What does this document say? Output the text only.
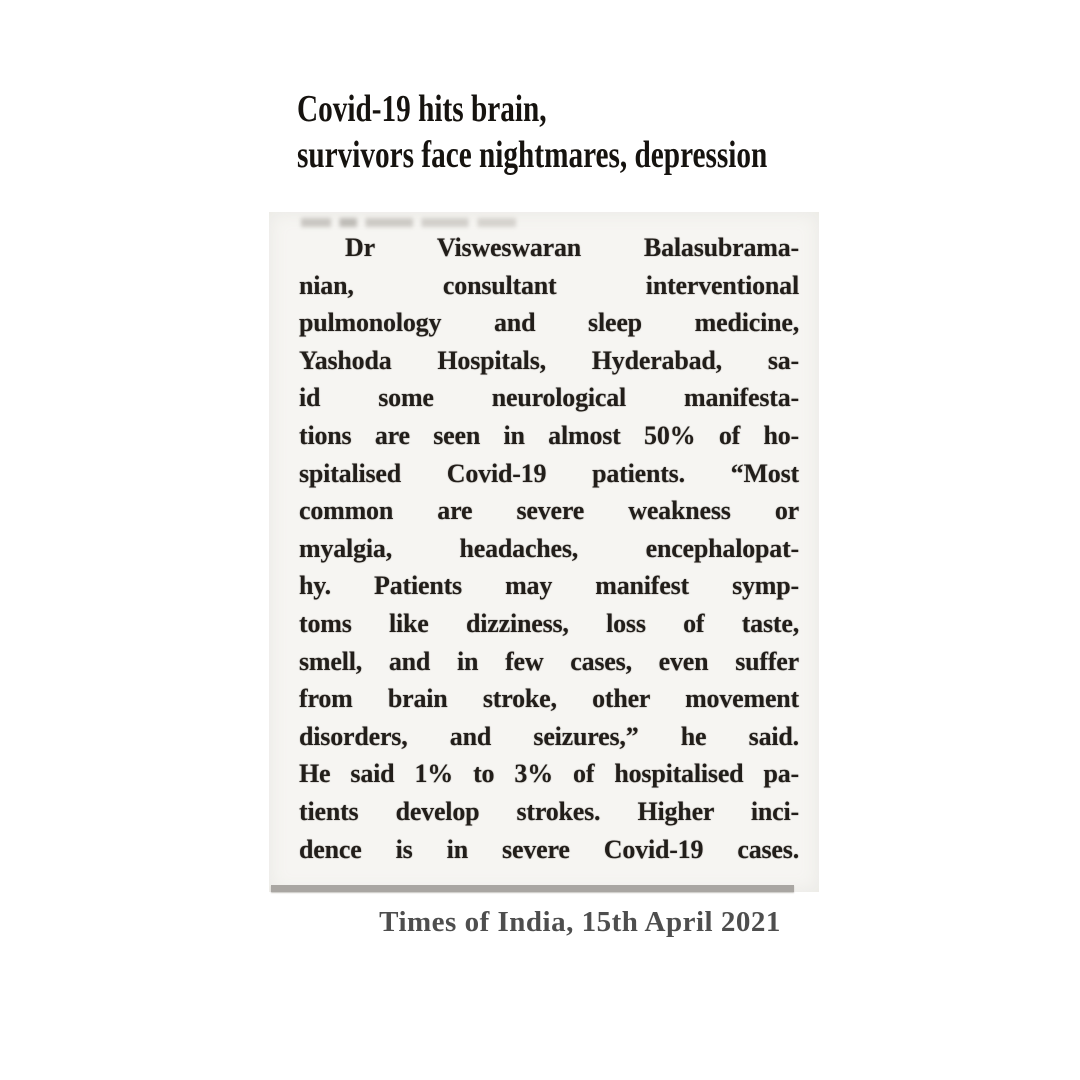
Covid-19 hits brain,
survivors face nightmares, depression
Dr Visweswaran Balasubrama-
nian, consultant interventional
pulmonology and sleep medicine,
Yashoda Hospitals, Hyderabad, sa-
id some neurological manifesta-
tions are seen in almost 50% of ho-
spitalised Covid-19 patients. “Most
common are severe weakness or
myalgia, headaches, encephalopat-
hy. Patients may manifest symp-
toms like dizziness, loss of taste,
smell, and in few cases, even suffer
from brain stroke, other movement
disorders, and seizures,” he said.
He said 1% to 3% of hospitalised pa-
tients develop strokes. Higher inci-
dence is in severe Covid-19 cases.
Times of India, 15th April 2021
